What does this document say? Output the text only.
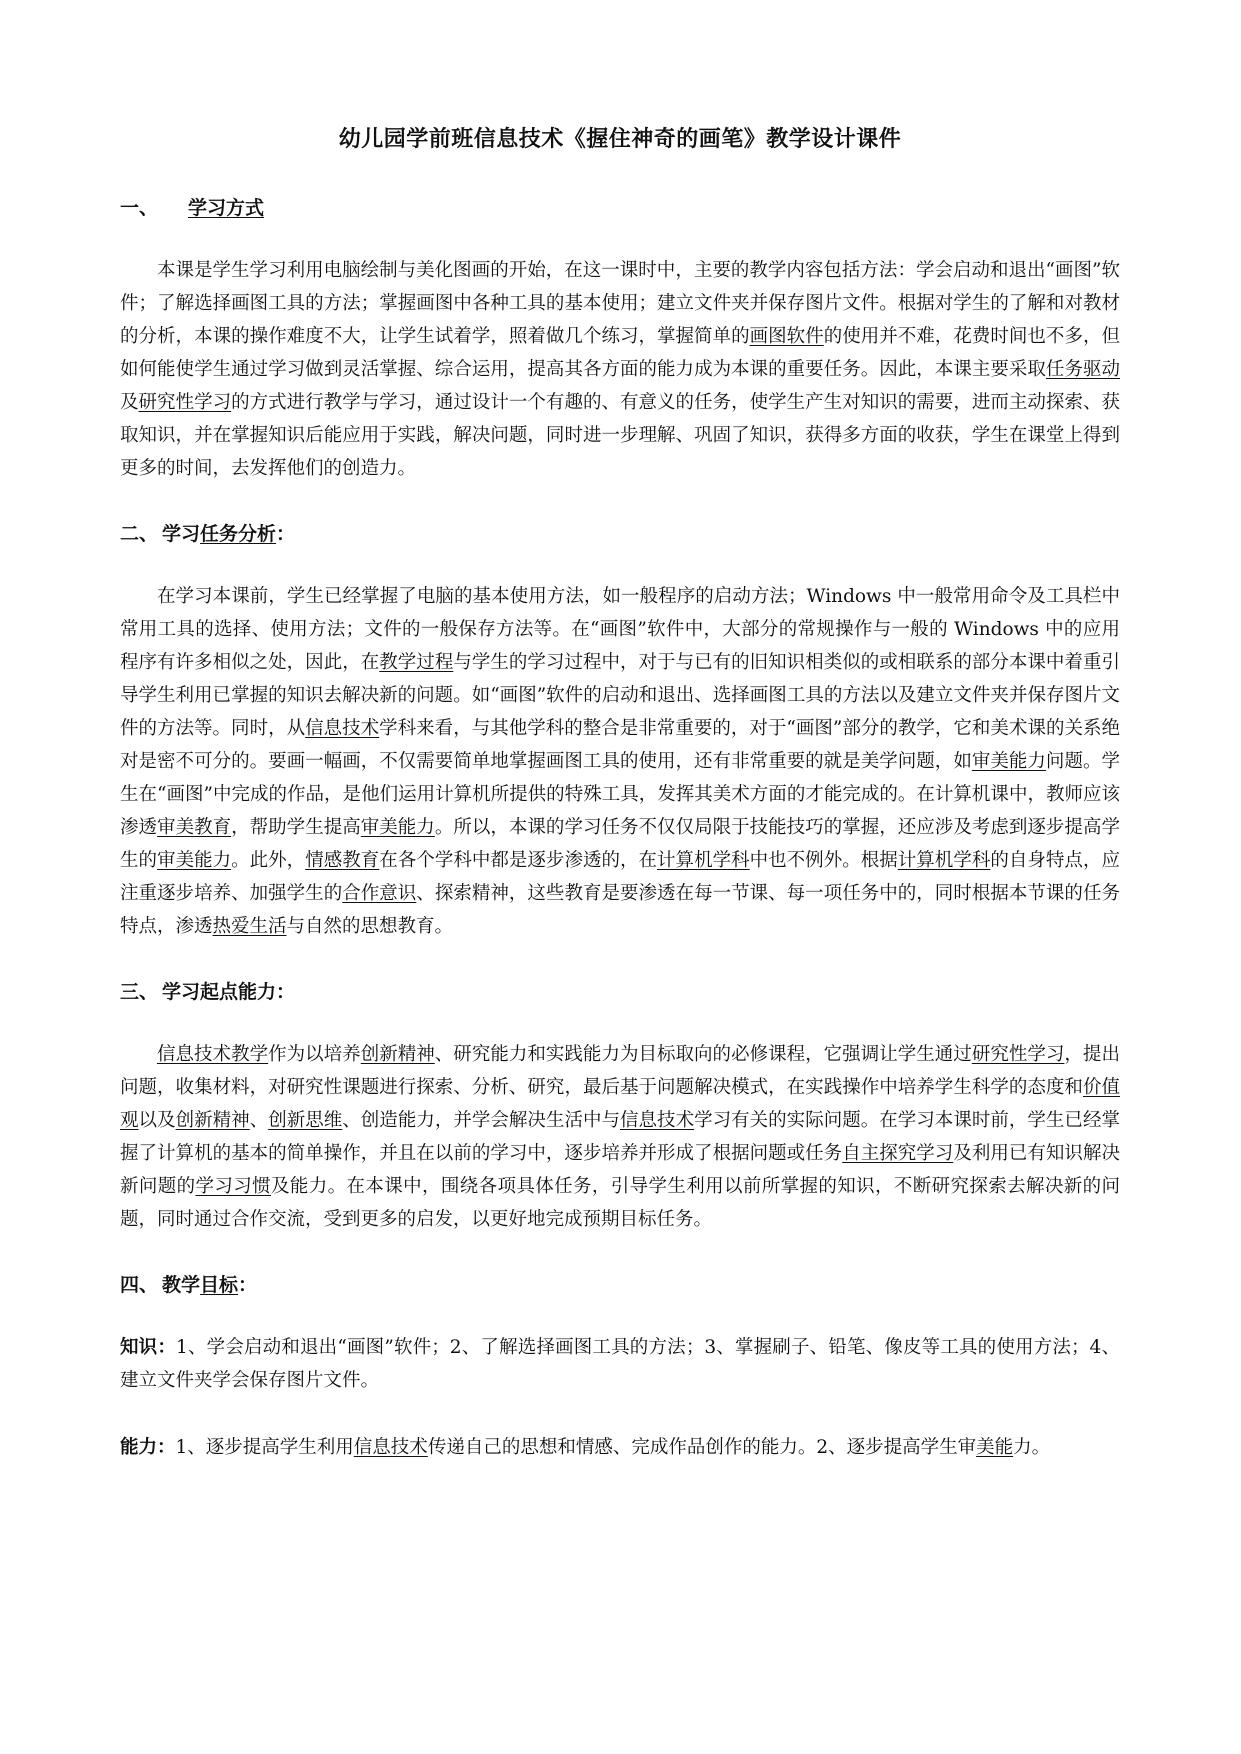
幼儿园学前班信息技术《握住神奇的画笔》教学设计课件
一、 学习方式

本课是学生学习利用电脑绘制与美化图画的开始，在这一课时中，主要的教学内容包括方法：学会启动和退出“画图”软件；了解选择画图工具的方法；掌握画图中各种工具的基本使用；建立文件夹并保存图片文件。根据对学生的了解和对教材的分析，本课的操作难度不大，让学生试着学，照着做几个练习，掌握简单的画图软件的使用并不难，花费时间也不多，但如何能使学生通过学习做到灵活掌握、综合运用，提高其各方面的能力成为本课的重要任务。因此，本课主要采取任务驱动及研究性学习的方式进行教学与学习，通过设计一个有趣的、有意义的任务，使学生产生对知识的需要，进而主动探索、获取知识，并在掌握知识后能应用于实践，解决问题，同时进一步理解、巩固了知识，获得多方面的收获，学生在课堂上得到更多的时间，去发挥他们的创造力。

二、 学习任务分析：

在学习本课前，学生已经掌握了电脑的基本使用方法，如一般程序的启动方法；Windows 中一般常用命令及工具栏中常用工具的选择、使用方法；文件的一般保存方法等。在“画图”软件中，大部分的常规操作与一般的 Windows 中的应用程序有许多相似之处，因此，在教学过程与学生的学习过程中，对于与已有的旧知识相类似的或相联系的部分本课中着重引导学生利用已掌握的知识去解决新的问题。如“画图”软件的启动和退出、选择画图工具的方法以及建立文件夹并保存图片文件的方法等。同时，从信息技术学科来看，与其他学科的整合是非常重要的，对于“画图”部分的教学，它和美术课的关系绝对是密不可分的。要画一幅画，不仅需要简单地掌握画图工具的使用，还有非常重要的就是美学问题，如审美能力问题。学生在“画图”中完成的作品，是他们运用计算机所提供的特殊工具，发挥其美术方面的才能完成的。在计算机课中，教师应该渗透审美教育，帮助学生提高审美能力。所以，本课的学习任务不仅仅局限于技能技巧的掌握，还应涉及考虑到逐步提高学生的审美能力。此外，情感教育在各个学科中都是逐步渗透的，在计算机学科中也不例外。根据计算机学科的自身特点，应注重逐步培养、加强学生的合作意识、探索精神，这些教育是要渗透在每一节课、每一项任务中的，同时根据本节课的任务特点，渗透热爱生活与自然的思想教育。

三、 学习起点能力：

信息技术教学作为以培养创新精神、研究能力和实践能力为目标取向的必修课程，它强调让学生通过研究性学习，提出问题，收集材料，对研究性课题进行探索、分析、研究，最后基于问题解决模式，在实践操作中培养学生科学的态度和价值观以及创新精神、创新思维、创造能力，并学会解决生活中与信息技术学习有关的实际问题。在学习本课时前，学生已经掌握了计算机的基本的简单操作，并且在以前的学习中，逐步培养并形成了根据问题或任务自主探究学习及利用已有知识解决新问题的学习习惯及能力。在本课中，围绕各项具体任务，引导学生利用以前所掌握的知识，不断研究探索去解决新的问题，同时通过合作交流，受到更多的启发，以更好地完成预期目标任务。

四、 教学目标：

知识：1、学会启动和退出“画图”软件；2、了解选择画图工具的方法；3、掌握刷子、铅笔、像皮等工具的使用方法；4、建立文件夹学会保存图片文件。

能力：1、逐步提高学生利用信息技术传递自己的思想和情感、完成作品创作的能力。2、逐步提高学生审美能力。
